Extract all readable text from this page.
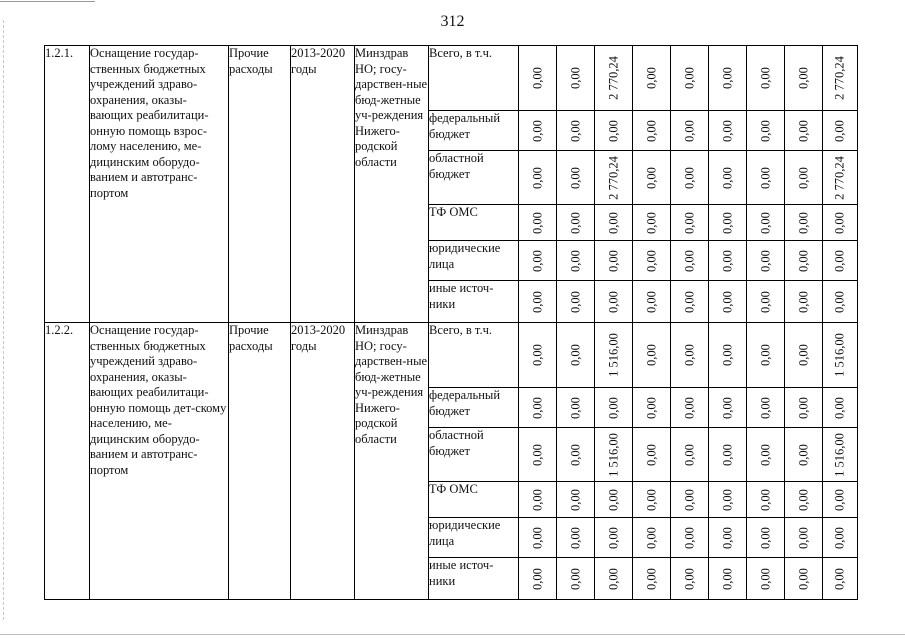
312
1.2.1.	Оснащение государ-ственных бюджетных учреждений здраво-охранения, оказы-вающих реабилитаци-онную помощь взрос-лому населению, ме-дицинским оборудо-ванием и автотранс-портом	Прочие расходы	2013-2020 годы	Минздрав НО; госу-дарствен-ные бюд-жетные уч-реждения Нижего-родской области	Всего, в т.ч.	0,00	0,00	2 770,24	0,00	0,00	0,00	0,00	0,00	2 770,24

					федеральный бюджет	0,00	0,00	0,00	0,00	0,00	0,00	0,00	0,00	0,00

					областной бюджет	0,00	0,00	2 770,24	0,00	0,00	0,00	0,00	0,00	2 770,24

					ТФ ОМС	0,00	0,00	0,00	0,00	0,00	0,00	0,00	0,00	0,00

					юридические лица	0,00	0,00	0,00	0,00	0,00	0,00	0,00	0,00	0,00

					иные источ-ники	0,00	0,00	0,00	0,00	0,00	0,00	0,00	0,00	0,00

1.2.2.	Оснащение государ-ственных бюджетных учреждений здраво-охранения, оказы-вающих реабилитаци-онную помощь дет-скому населению, ме-дицинским оборудо-ванием и автотранс-портом	Прочие расходы	2013-2020 годы	Минздрав НО; госу-дарствен-ные бюд-жетные уч-реждения Нижего-родской области	Всего, в т.ч.	0,00	0,00	1 516,00	0,00	0,00	0,00	0,00	0,00	1 516,00

					федеральный бюджет	0,00	0,00	0,00	0,00	0,00	0,00	0,00	0,00	0,00

					областной бюджет	0,00	0,00	1 516,00	0,00	0,00	0,00	0,00	0,00	1 516,00

					ТФ ОМС	0,00	0,00	0,00	0,00	0,00	0,00	0,00	0,00	0,00

					юридические лица	0,00	0,00	0,00	0,00	0,00	0,00	0,00	0,00	0,00

					иные источ-ники	0,00	0,00	0,00	0,00	0,00	0,00	0,00	0,00	0,00
